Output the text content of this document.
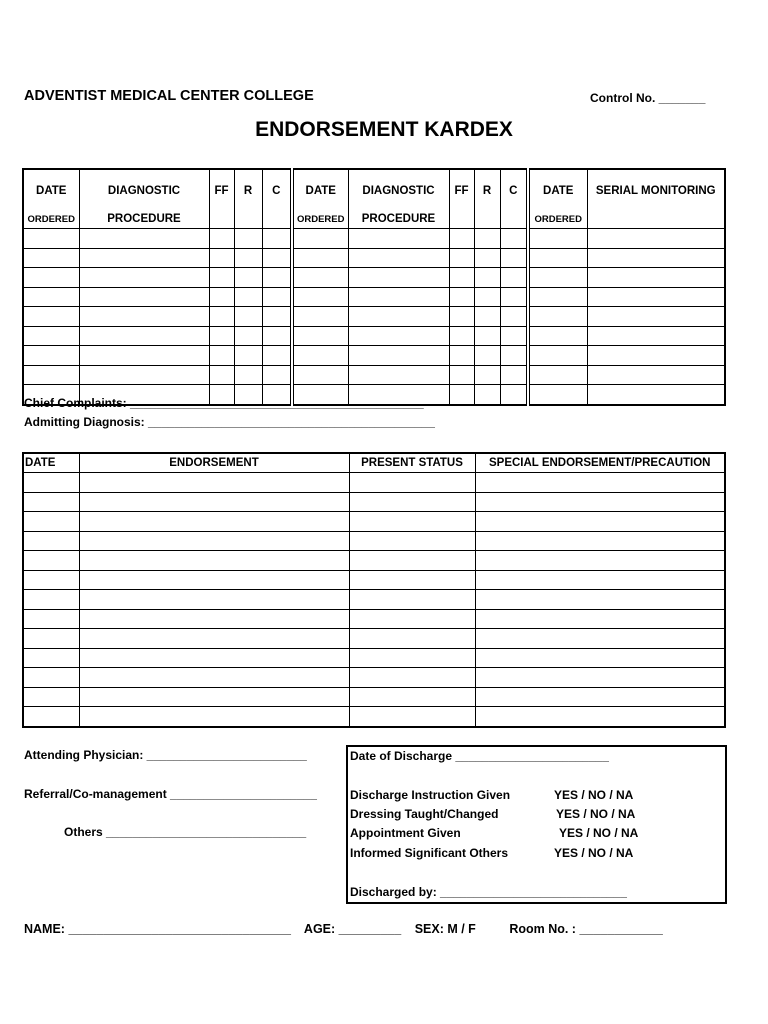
ADVENTIST MEDICAL CENTER COLLEGE	Control No. _______
ENDORSEMENT KARDEX
DATE	DIAGNOSTIC	FF	R	C	DATE	DIAGNOSTIC	FF	R	C	DATE	SERIAL MONITORING
ORDERED	PROCEDURE				ORDERED	PROCEDURE				ORDERED	

Chief Complaints: ____________________________________________
Admitting Diagnosis: ___________________________________________
DATE	ENDORSEMENT	PRESENT STATUS	SPECIAL ENDORSEMENT/PRECAUTION

Attending Physician: ________________________
Referral/Co-management ______________________
Others ______________________________
Date of Discharge _______________________
Discharge Instruction Given	YES / NO / NA
Dressing Taught/Changed	YES / NO / NA
Appointment Given	YES / NO / NA
Informed Significant Others	YES / NO / NA
Discharged by: ____________________________
NAME: ________________________________ AGE: _________ SEX: M / F	Room No. : ____________
